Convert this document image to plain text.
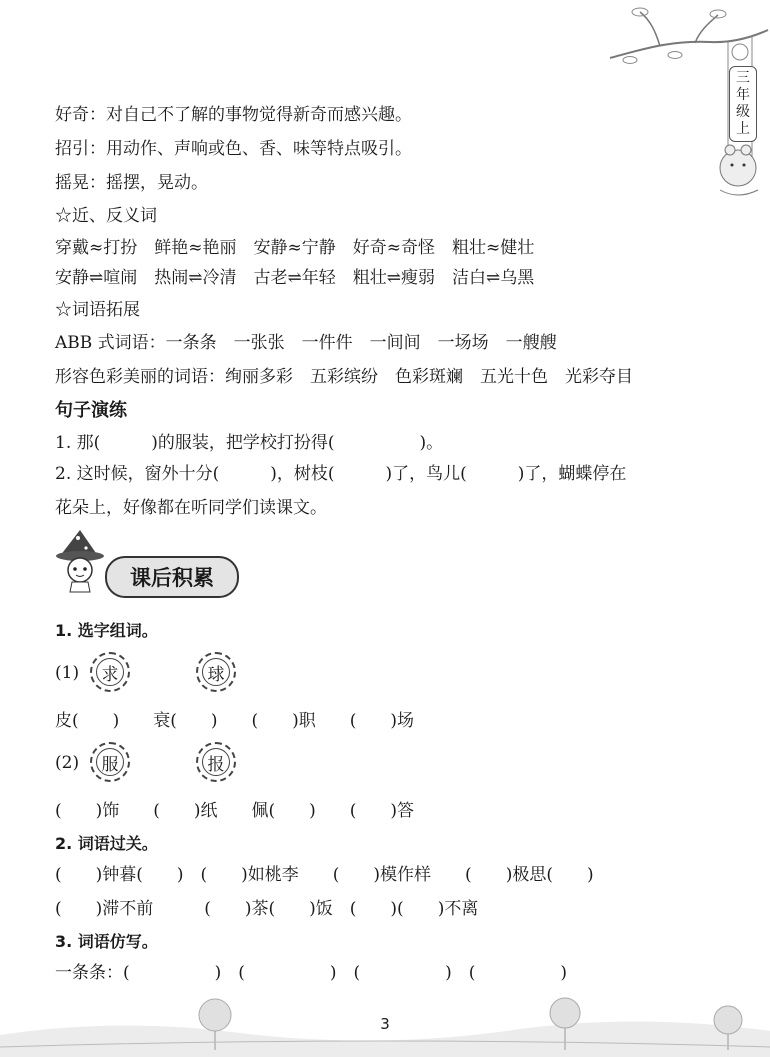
三
年
级
上
好奇：对自己不了解的事物觉得新奇而感兴趣。
招引：用动作、声响或色、香、味等特点吸引。
摇晃：摇摆，晃动。
☆近、反义词
穿戴≈打扮　鲜艳≈艳丽　安静≈宁静　好奇≈奇怪　粗壮≈健壮
安静⇌喧闹　热闹⇌冷清　古老⇌年轻　粗壮⇌瘦弱　洁白⇌乌黑
☆词语拓展
ABB 式词语：一条条　一张张　一件件　一间间　一场场　一艘艘
形容色彩美丽的词语：绚丽多彩　五彩缤纷　色彩斑斓　五光十色　光彩夺目
句子演练
1. 那(　　　)的服装，把学校打扮得(　　　　　)。
2. 这时候，窗外十分(　　　)，树枝(　　　)了，鸟儿(　　　)了，蝴蝶停在
花朵上，好像都在听同学们读课文。
课后积累
1. 选字组词。
(1) 求	球
皮(　　)　　衰(　　)　　(　　)职　　(　　)场
(2) 服	报
(　　)饰　　(　　)纸　　佩(　　)　　(　　)答
2. 词语过关。
(　　)钟暮(　　)　(　　)如桃李　　(　　)模作样　　(　　)极思(　　)
(　　)滞不前　　　(　　)茶(　　)饭　(　　)(　　)不离
3. 词语仿写。
一条条：(　　　　　)　(　　　　　)　(　　　　　)　(　　　　　)
3
